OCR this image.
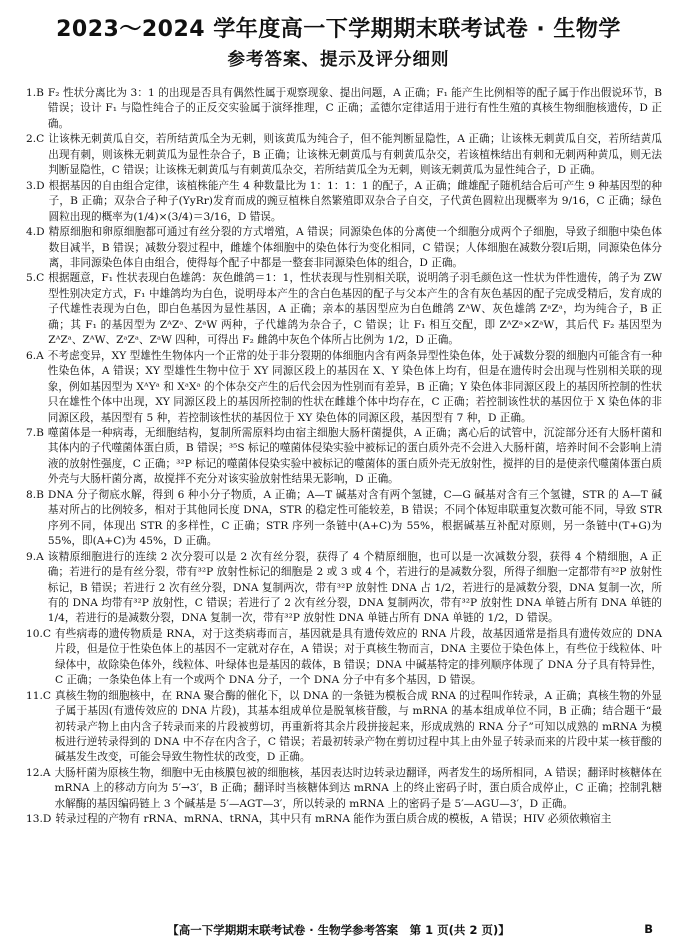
2023～2024 学年度高一下学期期末联考试卷 · 生物学
参考答案、提示及评分细则
1.B F₂ 性状分离比为 3：1 的出现是否具有偶然性属于观察现象、提出问题，A 正确；F₁ 能产生比例相等的配子属于作出假说环节，B 错误；设计 F₁ 与隐性纯合子的正反交实验属于演绎推理，C 正确；孟德尔定律适用于进行有性生殖的真核生物细胞核遗传，D 正确。
2.C 让该株无刺黄瓜自交，若所结黄瓜全为无刺，则该黄瓜为纯合子，但不能判断显隐性，A 正确；让该株无刺黄瓜自交，若所结黄瓜出现有刺，则该株无刺黄瓜为显性杂合子，B 正确；让该株无刺黄瓜与有刺黄瓜杂交，若该植株结出有刺和无刺两种黄瓜，则无法判断显隐性，C 错误；让该株无刺黄瓜与有刺黄瓜杂交，若所结黄瓜全为无刺，则该无刺黄瓜为显性纯合子，D 正确。
3.D 根据基因的自由组合定律，该植株能产生 4 种数量比为 1：1：1：1 的配子，A 正确；雌雄配子随机结合后可产生 9 种基因型的种子，B 正确；双杂合子种子(YyRr)发育而成的豌豆植株自然繁殖即双杂合子自交，子代黄色圆粒出现概率为 9/16，C 正确；绿色圆粒出现的概率为(1/4)×(3/4)＝3/16，D 错误。
4.D 精原细胞和卵原细胞都可通过有丝分裂的方式增殖，A 错误；同源染色体的分离使一个细胞分成两个子细胞，导致子细胞中染色体数目减半，B 错误；减数分裂过程中，雌雄个体细胞中的染色体行为变化相同，C 错误；人体细胞在减数分裂Ⅰ后期，同源染色体分离，非同源染色体自由组合，使得每个配子中都是一整套非同源染色体的组合，D 正确。
5.C 根据题意，F₁ 性状表现白色雄鸽：灰色雌鸽＝1：1，性状表现与性别相关联，说明鸽子羽毛颜色这一性状为伴性遗传，鸽子为 ZW 型性别决定方式，F₁ 中雄鸽均为白色，说明母本产生的含白色基因的配子与父本产生的含有灰色基因的配子完成受精后，发育成的子代雄性表现为白色，即白色基因为显性基因，A 正确；亲本的基因型应为白色雌鸽 ZᴬW、灰色雄鸽 ZᵃZᵃ，均为纯合子，B 正确；其 F₁ 的基因型为 ZᴬZᵃ、ZᵃW 两种，子代雄鸽为杂合子，C 错误；让 F₁ 相互交配，即 ZᴬZᵃ×ZᵃW，其后代 F₂ 基因型为 ZᴬZᵃ、ZᴬW、ZᵃZᵃ、ZᵃW 四种，可得出 F₂ 雌鸽中灰色个体所占比例为 1/2，D 正确。
6.A 不考虑变异，XY 型雄性生物体内一个正常的处于非分裂期的体细胞内含有两条异型性染色体，处于减数分裂的细胞内可能含有一种性染色体，A 错误；XY 型雄性生物中位于 XY 同源区段上的基因在 X、Y 染色体上均有，但是在遗传时会出现与性别相关联的现象，例如基因型为 XᴬYᵃ 和 XᵃXᵃ 的个体杂交产生的后代会因为性别而有差异，B 正确；Y 染色体非同源区段上的基因所控制的性状只在雄性个体中出现，XY 同源区段上的基因所控制的性状在雌雄个体中均存在，C 正确；若控制该性状的基因位于 X 染色体的非同源区段，基因型有 5 种，若控制该性状的基因位于 XY 染色体的同源区段，基因型有 7 种，D 正确。
7.B 噬菌体是一种病毒，无细胞结构，复制所需原料均由宿主细胞大肠杆菌提供，A 正确；离心后的试管中，沉淀部分还有大肠杆菌和其体内的子代噬菌体蛋白质，B 错误；³⁵S 标记的噬菌体侵染实验中被标记的蛋白质外壳不会进入大肠杆菌，培养时间不会影响上清液的放射性强度，C 正确；³²P 标记的噬菌体侵染实验中被标记的噬菌体的蛋白质外壳无放射性，搅拌的目的是使亲代噬菌体蛋白质外壳与大肠杆菌分离，故搅拌不充分对该实验放射性结果无影响，D 正确。
8.B DNA 分子彻底水解，得到 6 种小分子物质，A 正确；A—T 碱基对含有两个氢键，C—G 碱基对含有三个氢键，STR 的 A—T 碱基对所占的比例较多，相对于其他同长度 DNA，STR 的稳定性可能较差，B 错误；不同个体短串联重复次数可能不同，导致 STR 序列不同，体现出 STR 的多样性，C 正确；STR 序列一条链中(A+C)为 55%，根据碱基互补配对原则，另一条链中(T+G)为 55%，即(A+C)为 45%，D 正确。
9.A 该精原细胞进行的连续 2 次分裂可以是 2 次有丝分裂，获得了 4 个精原细胞，也可以是一次减数分裂，获得 4 个精细胞，A 正确；若进行的是有丝分裂，带有³²P 放射性标记的细胞是 2 或 3 或 4 个，若进行的是减数分裂，所得子细胞一定都带有³²P 放射性标记，B 错误；若进行 2 次有丝分裂，DNA 复制两次，带有³²P 放射性 DNA 占 1/2，若进行的是减数分裂，DNA 复制一次，所有的 DNA 均带有³²P 放射性，C 错误；若进行了 2 次有丝分裂，DNA 复制两次，带有³²P 放射性 DNA 单链占所有 DNA 单链的 1/4，若进行的是减数分裂，DNA 复制一次，带有³²P 放射性 DNA 单链占所有 DNA 单链的 1/2，D 错误。
10.C 有些病毒的遗传物质是 RNA，对于这类病毒而言，基因就是具有遗传效应的 RNA 片段，故基因通常是指具有遗传效应的 DNA 片段，但是位于性染色体上的基因不一定就对存在，A 错误；对于真核生物而言，DNA 主要位于染色体上，有些位于线粒体、叶绿体中，故除染色体外，线粒体、叶绿体也是基因的载体，B 错误；DNA 中碱基特定的排列顺序体现了 DNA 分子具有特异性，C 正确；一条染色体上有一个或两个 DNA 分子，一个 DNA 分子中有多个基因，D 错误。
11.C 真核生物的细胞核中，在 RNA 聚合酶的催化下，以 DNA 的一条链为模板合成 RNA 的过程叫作转录，A 正确；真核生物的外显子属于基因(有遗传效应的 DNA 片段)，其基本组成单位是脱氧核苷酸，与 mRNA 的基本组成单位不同，B 正确；结合题干“最初转录产物上由内含子转录而来的片段被剪切，再重新将其余片段拼接起来，形成成熟的 RNA 分子”可知以成熟的 mRNA 为模板进行逆转录得到的 DNA 中不存在内含子，C 错误；若最初转录产物在剪切过程中其上由外显子转录而来的片段中某一核苷酸的碱基发生改变，可能会导致生物性状的改变，D 正确。
12.A 大肠杆菌为原核生物，细胞中无由核膜包被的细胞核，基因表达时边转录边翻译，两者发生的场所相同，A 错误；翻译时核糖体在 mRNA 上的移动方向为 5′→3′，B 正确；翻译时当核糖体到达 mRNA 上的终止密码子时，蛋白质合成停止，C 正确；控制乳糖水解酶的基因编码链上 3 个碱基是 5′—AGT—3′，所以转录的 mRNA 上的密码子是 5′—AGU—3′，D 正确。
13.D 转录过程的产物有 rRNA、mRNA、tRNA，其中只有 mRNA 能作为蛋白质合成的模板，A 错误；HIV 必须依赖宿主
【高一下学期期末联考试卷 · 生物学参考答案　第 1 页(共 2 页)】	B
